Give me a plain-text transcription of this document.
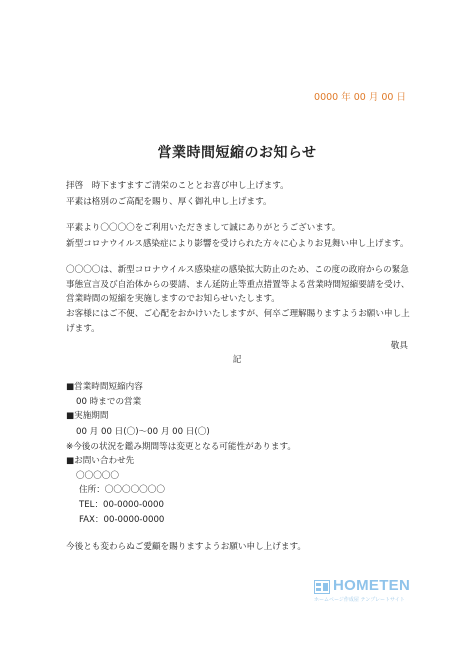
0000 年 00 月 00 日
営業時間短縮のお知らせ
拝啓　時下ますますご清栄のこととお喜び申し上げます。
平素は格別のご高配を賜り、厚く御礼申し上げます。
平素より〇〇〇〇をご利用いただきまして誠にありがとうございます。
新型コロナウイルス感染症により影響を受けられた方々に心よりお見舞い申し上げます。
〇〇〇〇は、新型コロナウイルス感染症の感染拡大防止のため、この度の政府からの緊急事態宣言及び自治体からの要請、まん延防止等重点措置等よる営業時間短縮要請を受け、営業時間の短縮を実施しますのでお知らせいたします。
お客様にはご不便、ご心配をおかけいたしますが、何卒ご理解賜りますようお願い申し上げます。
敬具
記
■営業時間短縮内容
00 時までの営業
■実施期間
00 月 00 日(〇)〜00 月 00 日(〇)
※今後の状況を鑑み期間等は変更となる可能性があります。
■お問い合わせ先
〇〇〇〇〇
住所：〇〇〇〇〇〇〇
TEL：00-0000-0000
FAX：00-0000-0000
今後とも変わらぬご愛顧を賜りますようお願い申し上げます。
HOMETEN
ホームページ作成屋 テンプレートサイト
